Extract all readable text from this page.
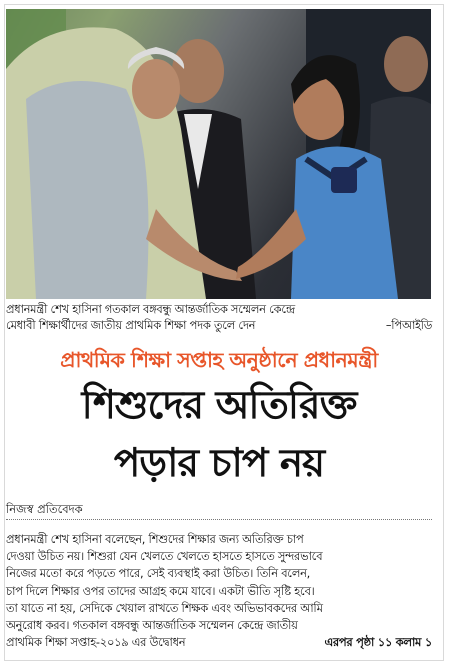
প্রধানমন্ত্রী শেখ হাসিনা গতকাল বঙ্গবন্ধু আন্তর্জাতিক সম্মেলন কেন্দ্রে
মেধাবী শিক্ষার্থীদের জাতীয় প্রাথমিক শিক্ষা পদক তুলে দেন	–পিআইডি
প্রাথমিক শিক্ষা সপ্তাহ অনুষ্ঠানে প্রধানমন্ত্রী
শিশুদের অতিরিক্ত
পড়ার চাপ নয়
নিজস্ব প্রতিবেদক
প্রধানমন্ত্রী শেখ হাসিনা বলেছেন, শিশুদের শিক্ষার জন্য অতিরিক্ত চাপ
দেওয়া উচিত নয়। শিশুরা যেন খেলতে খেলতে হাসতে হাসতে সুন্দরভাবে
নিজের মতো করে পড়তে পারে, সেই ব্যবস্থাই করা উচিত। তিনি বলেন,
চাপ দিলে শিক্ষার ওপর তাদের আগ্রহ কমে যাবে। একটা ভীতি সৃষ্টি হবে।
তা যাতে না হয়, সেদিকে খেয়াল রাখতে শিক্ষক এবং অভিভাবকদের আমি
অনুরোধ করব। গতকাল বঙ্গবন্ধু আন্তর্জাতিক সম্মেলন কেন্দ্রে জাতীয়
প্রাথমিক শিক্ষা সপ্তাহ-২০১৯ এর উদ্বোধন	এরপর পৃষ্ঠা ১১ কলাম ১
